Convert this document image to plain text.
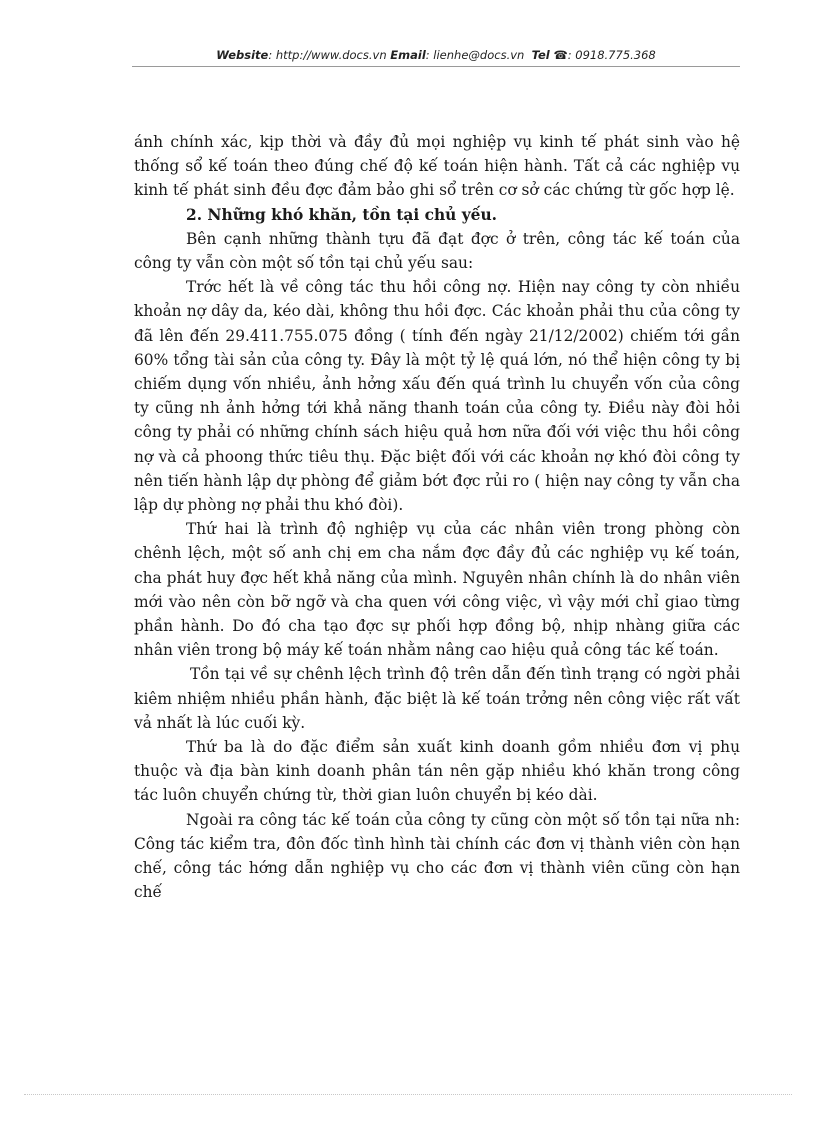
Website: http://www.docs.vn Email: lienhe@docs.vn Tel ☎: 0918.775.368

ánh chính xác, kịp thời và đầy đủ mọi nghiệp vụ kinh tế phát sinh vào hệ thống sổ kế toán theo đúng chế độ kế toán hiện hành. Tất cả các nghiệp vụ kinh tế phát sinh đều đợc đảm bảo ghi sổ trên cơ sở các chứng từ gốc hợp lệ.

2. Những khó khăn, tồn tại chủ yếu.

Bên cạnh những thành tựu đã đạt đợc ở trên, công tác kế toán của công ty vẫn còn một số tồn tại chủ yếu sau:

Trớc hết là về công tác thu hồi công nợ. Hiện nay công ty còn nhiều khoản nợ dây da, kéo dài, không thu hồi đợc. Các khoản phải thu của công ty đã lên đến 29.411.755.075 đồng ( tính đến ngày 21/12/2002) chiếm tới gần 60% tổng tài sản của công ty. Đây là một tỷ lệ quá lớn, nó thể hiện công ty bị chiếm dụng vốn nhiều, ảnh hởng xấu đến quá trình lu chuyển vốn của công ty cũng nh ảnh hởng tới khả năng thanh toán của công ty. Điều này đòi hỏi công ty phải có những chính sách hiệu quả hơn nữa đối với việc thu hồi công nợ và cả phoong thức tiêu thụ. Đặc biệt đối với các khoản nợ khó đòi công ty nên tiến hành lập dự phòng để giảm bớt đợc rủi ro ( hiện nay công ty vẫn cha lập dự phòng nợ phải thu khó đòi).

Thứ hai là trình độ nghiệp vụ của các nhân viên trong phòng còn chênh lệch, một số anh chị em cha nắm đợc đầy đủ các nghiệp vụ kế toán, cha phát huy đợc hết khả năng của mình. Nguyên nhân chính là do nhân viên mới vào nên còn bỡ ngỡ và cha quen với công việc, vì vậy mới chỉ giao từng phần hành. Do đó cha tạo đợc sự phối hợp đồng bộ, nhịp nhàng giữa các nhân viên trong bộ máy kế toán nhằm nâng cao hiệu quả công tác kế toán.

Tồn tại về sự chênh lệch trình độ trên dẫn đến tình trạng có ngời phải kiêm nhiệm nhiều phần hành, đặc biệt là kế toán trởng nên công việc rất vất vả nhất là lúc cuối kỳ.

Thứ ba là do đặc điểm sản xuất kinh doanh gồm nhiều đơn vị phụ thuộc và địa bàn kinh doanh phân tán nên gặp nhiều khó khăn trong công tác luôn chuyển chứng từ, thời gian luôn chuyển bị kéo dài.

Ngoài ra công tác kế toán của công ty cũng còn một số tồn tại nữa nh: Công tác kiểm tra, đôn đốc tình hình tài chính các đơn vị thành viên còn hạn chế, công tác hớng dẫn nghiệp vụ cho các đơn vị thành viên cũng còn hạn chế
